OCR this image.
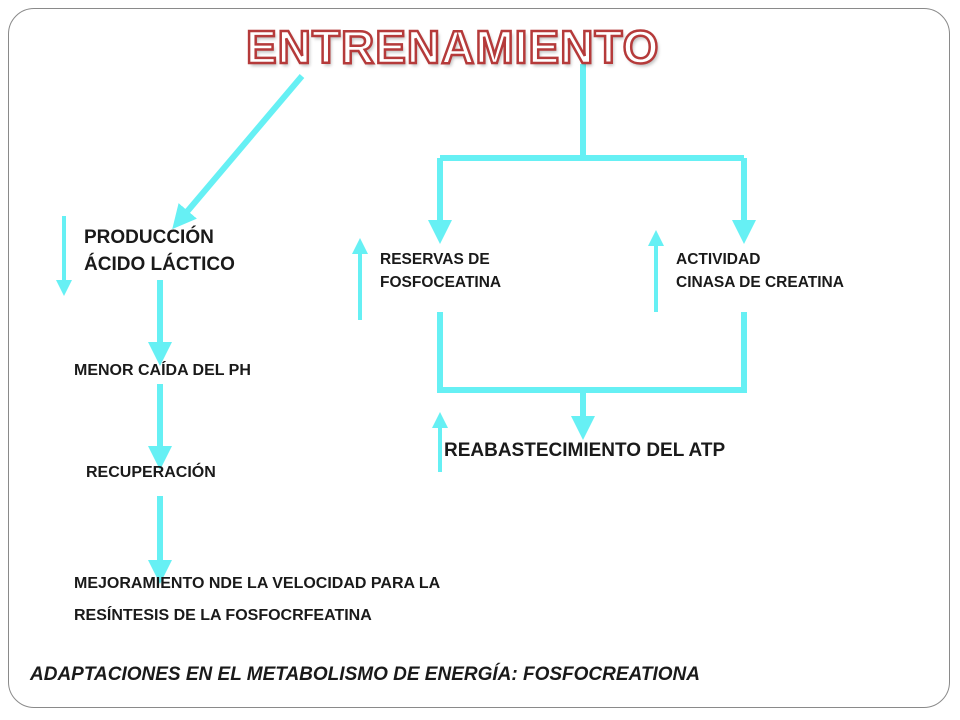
ENTRENAMIENTO
PRODUCCIÓN
ÁCIDO LÁCTICO
MENOR CAÍDA DEL PH
RECUPERACIÓN
MEJORAMIENTO NDE LA VELOCIDAD PARA LA
RESÍNTESIS DE LA FOSFOCRFEATINA
RESERVAS DE
FOSFOCEATINA
ACTIVIDAD
CINASA DE CREATINA
REABASTECIMIENTO DEL ATP
ADAPTACIONES EN EL METABOLISMO DE ENERGÍA: FOSFOCREATIONA
